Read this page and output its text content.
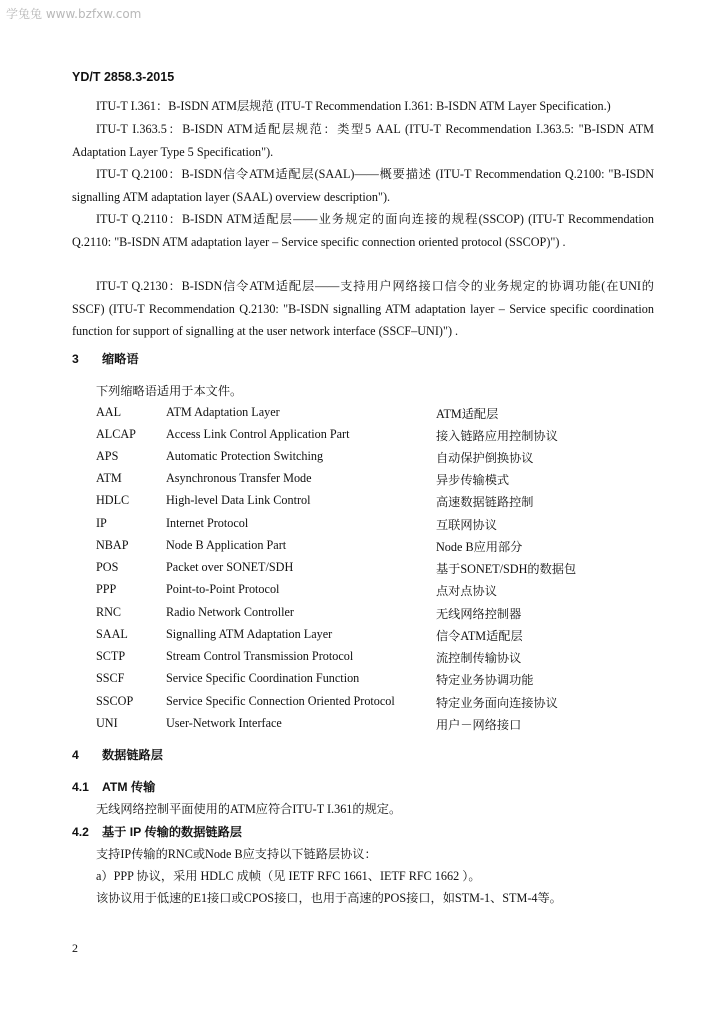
学兔兔 www.bzfxw.com
YD/T 2858.3-2015
ITU-T I.361：B-ISDN ATM层规范 (ITU-T Recommendation I.361: B-ISDN ATM Layer Specification.)
ITU-T I.363.5：B-ISDN ATM适配层规范：类型5 AAL (ITU-T Recommendation I.363.5: "B-ISDN ATM Adaptation Layer Type 5 Specification").
ITU-T Q.2100：B-ISDN信令ATM适配层(SAAL)——概要描述 (ITU-T Recommendation Q.2100: "B-ISDN signalling ATM adaptation layer (SAAL) overview description").
ITU-T Q.2110：B-ISDN ATM适配层——业务规定的面向连接的规程(SSCOP) (ITU-T Recommendation Q.2110: "B-ISDN ATM adaptation layer – Service specific connection oriented protocol (SSCOP)") .
ITU-T Q.2130：B-ISDN信令ATM适配层——支持用户网络接口信令的业务规定的协调功能(在UNI的SSCF) (ITU-T Recommendation Q.2130: "B-ISDN signalling ATM adaptation layer – Service specific coordination function for support of signalling at the user network interface (SSCF–UNI)") .
3 缩略语
下列缩略语适用于本文件。
AAL	ATM Adaptation Layer	ATM适配层
ALCAP Access Link Control Application Part	接入链路应用控制协议
APS	Automatic Protection Switching	自动保护倒换协议
ATM	Asynchronous Transfer Mode	异步传输模式
HDLC	High-level Data Link Control	高速数据链路控制
IP	Internet Protocol	互联网协议
NBAP	Node B Application Part	Node B应用部分
POS	Packet over SONET/SDH	基于SONET/SDH的数据包
PPP	Point-to-Point Protocol	点对点协议
RNC	Radio Network Controller	无线网络控制器
SAAL	Signalling ATM Adaptation Layer	信令ATM适配层
SCTP	Stream Control Transmission Protocol	流控制传输协议
SSCF	Service Specific Coordination Function	特定业务协调功能
SSCOP	Service Specific Connection Oriented Protocol	特定业务面向连接协议
UNI	User-Network Interface	用户－网络接口
4 数据链路层
4.1 ATM 传输
无线网络控制平面使用的ATM应符合ITU-T I.361的规定。
4.2 基于 IP 传输的数据链路层
支持IP传输的RNC或Node B应支持以下链路层协议：
a）PPP 协议，采用 HDLC 成帧（见 IETF RFC 1661、IETF RFC 1662 ）。
该协议用于低速的E1接口或CPOS接口，也用于高速的POS接口，如STM-1、STM-4等。
2
